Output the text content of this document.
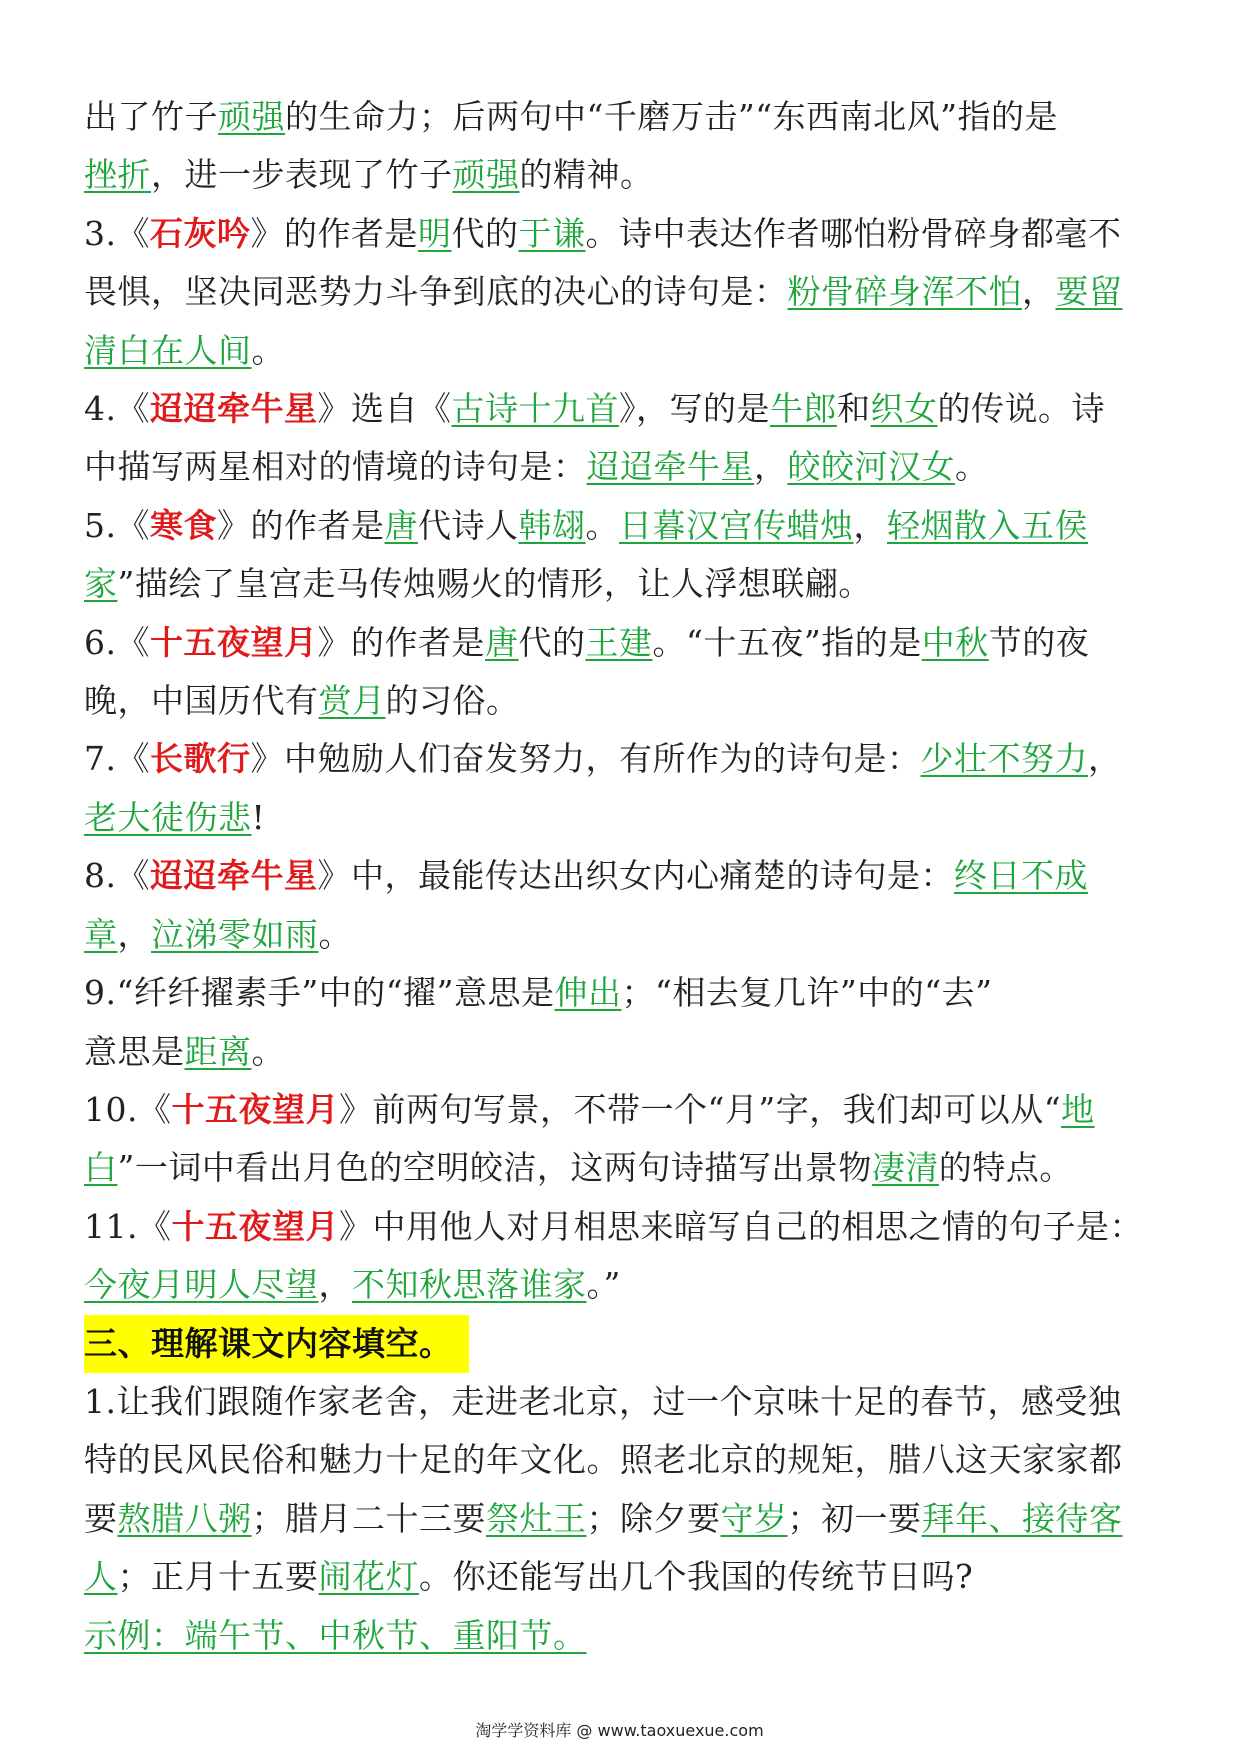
出了竹子顽强的生命力；后两句中“千磨万击”“东西南北风”指的是
挫折，进一步表现了竹子顽强的精神。
3.《石灰吟》的作者是明代的于谦。诗中表达作者哪怕粉骨碎身都毫不
畏惧，坚决同恶势力斗争到底的决心的诗句是：粉骨碎身浑不怕，要留
清白在人间。
4.《迢迢牵牛星》选自《古诗十九首》，写的是牛郎和织女的传说。诗
中描写两星相对的情境的诗句是：迢迢牵牛星，皎皎河汉女。
5.《寒食》的作者是唐代诗人韩翃。日暮汉宫传蜡烛，轻烟散入五侯
家”描绘了皇宫走马传烛赐火的情形，让人浮想联翩。
6.《十五夜望月》的作者是唐代的王建。“十五夜”指的是中秋节的夜
晚，中国历代有赏月的习俗。
7.《长歌行》中勉励人们奋发努力，有所作为的诗句是：少壮不努力，
老大徒伤悲!
8.《迢迢牵牛星》中，最能传达出织女内心痛楚的诗句是：终日不成
章，泣涕零如雨。
9.“纤纤擢素手”中的“擢”意思是伸出；“相去复几许”中的“去”
意思是距离。
10.《十五夜望月》前两句写景，不带一个“月”字，我们却可以从“地
白”一词中看出月色的空明皎洁，这两句诗描写出景物凄清的特点。
11.《十五夜望月》中用他人对月相思来暗写自己的相思之情的句子是：
今夜月明人尽望，不知秋思落谁家。”
三、理解课文内容填空。
1.让我们跟随作家老舍，走进老北京，过一个京味十足的春节，感受独
特的民风民俗和魅力十足的年文化。照老北京的规矩，腊八这天家家都
要熬腊八粥；腊月二十三要祭灶王；除夕要守岁；初一要拜年、接待客
人；正月十五要闹花灯。你还能写出几个我国的传统节日吗?
示例：端午节、中秋节、重阳节。
淘学学资料库 @ www.taoxuexue.com
